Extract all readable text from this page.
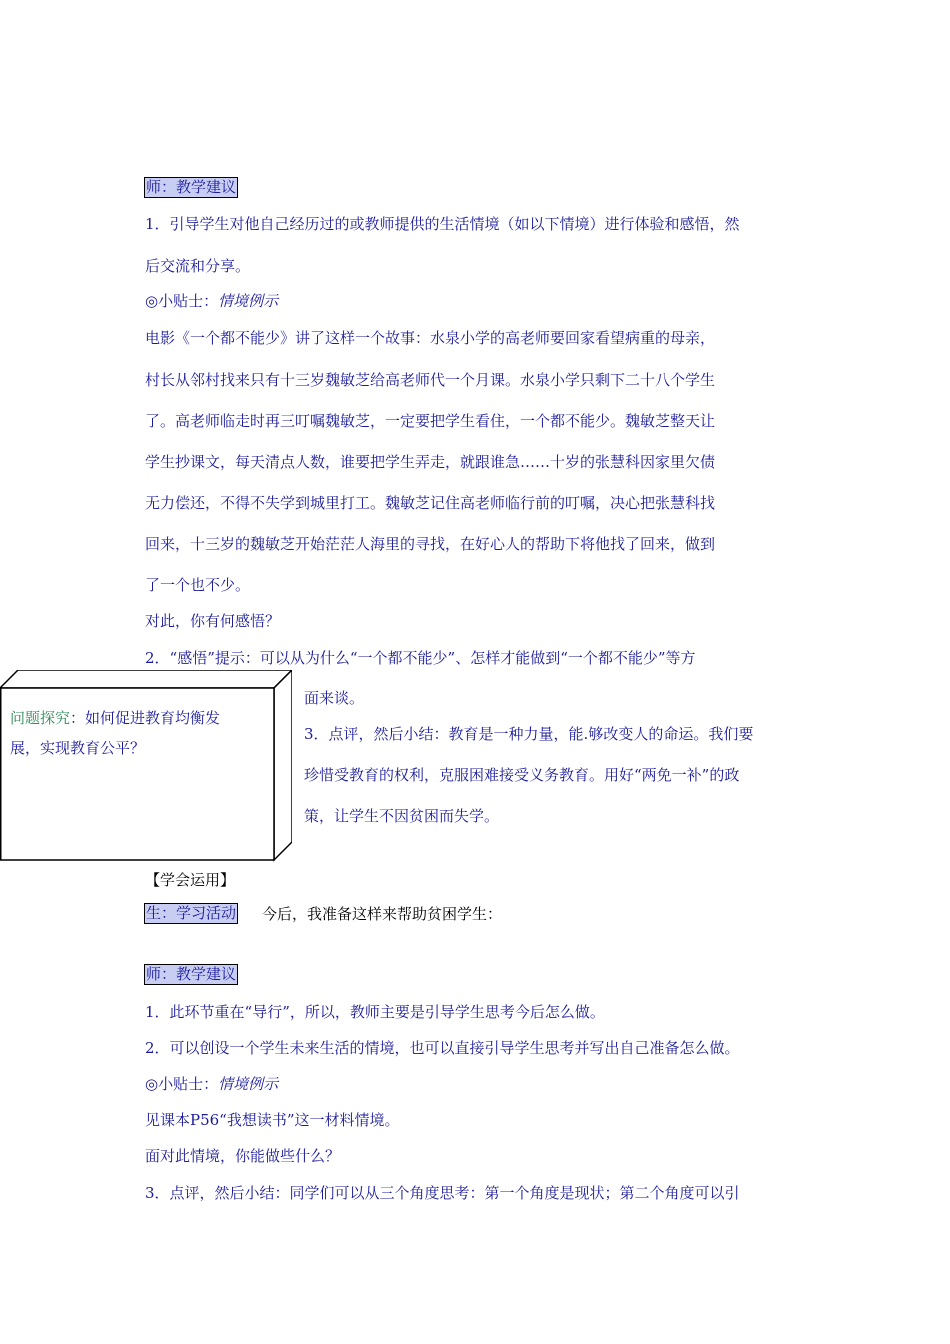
师：教学建议
1．引导学生对他自己经历过的或教师提供的生活情境（如以下情境）进行体验和感悟，然
后交流和分享。
◎小贴士：情境例示
电影《一个都不能少》讲了这样一个故事：水泉小学的高老师要回家看望病重的母亲，
村长从邻村找来只有十三岁魏敏芝给高老师代一个月课。水泉小学只剩下二十八个学生
了。高老师临走时再三叮嘱魏敏芝，一定要把学生看住，一个都不能少。魏敏芝整天让
学生抄课文，每天清点人数，谁要把学生弄走，就跟谁急……十岁的张慧科因家里欠债
无力偿还，不得不失学到城里打工。魏敏芝记住高老师临行前的叮嘱，决心把张慧科找
回来，十三岁的魏敏芝开始茫茫人海里的寻找，在好心人的帮助下将他找了回来，做到
了一个也不少。
对此，你有何感悟？
2．“感悟”提示：可以从为什么“一个都不能少”、怎样才能做到“一个都不能少”等方
面来谈。
3．点评，然后小结：教育是一种力量，能.够改变人的命运。我们要
珍惜受教育的权利，克服困难接受义务教育。用好“两免一补”的政
策，让学生不因贫困而失学。
问题探究：如何促进教育均衡发
展，实现教育公平？
【学会运用】
生：学习活动 今后，我准备这样来帮助贫困学生：
师：教学建议
1．此环节重在“导行”，所以，教师主要是引导学生思考今后怎么做。
2．可以创设一个学生未来生活的情境，也可以直接引导学生思考并写出自己准备怎么做。
◎小贴士：情境例示
见课本P56“我想读书”这一材料情境。
面对此情境，你能做些什么？
3．点评，然后小结：同学们可以从三个角度思考：第一个角度是现状；第二个角度可以引
